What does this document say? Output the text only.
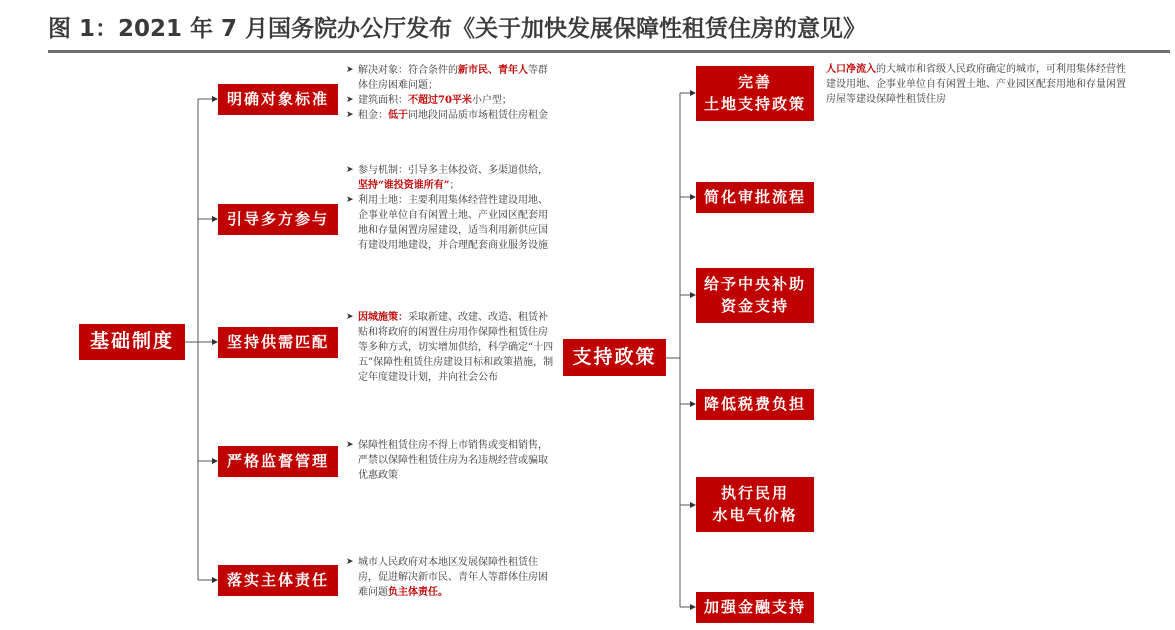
图 1：2021 年 7 月国务院办公厅发布《关于加快发展保障性租赁住房的意见》
基础制度
明确对象标准
引导多方参与
坚持供需匹配
严格监督管理
落实主体责任
➤ 解决对象：符合条件的新市民、青年人等群体住房困难问题；
➤ 建筑面积：不超过70平米小户型；
➤ 租金：低于同地段同品质市场租赁住房租金
➤ 参与机制：引导多主体投资、多渠道供给，坚持“谁投资谁所有”；
➤ 利用土地：主要利用集体经营性建设用地、企事业单位自有闲置土地、产业园区配套用地和存量闲置房屋建设，适当利用新供应国有建设用地建设，并合理配套商业服务设施
➤ 因城施策：采取新建、改建、改造、租赁补贴和将政府的闲置住房用作保障性租赁住房等多种方式，切实增加供给，科学确定“十四五”保障性租赁住房建设目标和政策措施，制定年度建设计划，并向社会公布
➤ 保障性租赁住房不得上市销售或变相销售，严禁以保障性租赁住房为名违规经营或骗取优惠政策
➤ 城市人民政府对本地区发展保障性租赁住房，促进解决新市民、青年人等群体住房困难问题负主体责任。
支持政策
完善
土地支持政策
简化审批流程
给予中央补助
资金支持
降低税费负担
执行民用
水电气价格
加强金融支持
人口净流入的大城市和省级人民政府确定的城市，可利用集体经营性建设用地、企事业单位自有闲置土地、产业园区配套用地和存量闲置房屋等建设保障性租赁住房
